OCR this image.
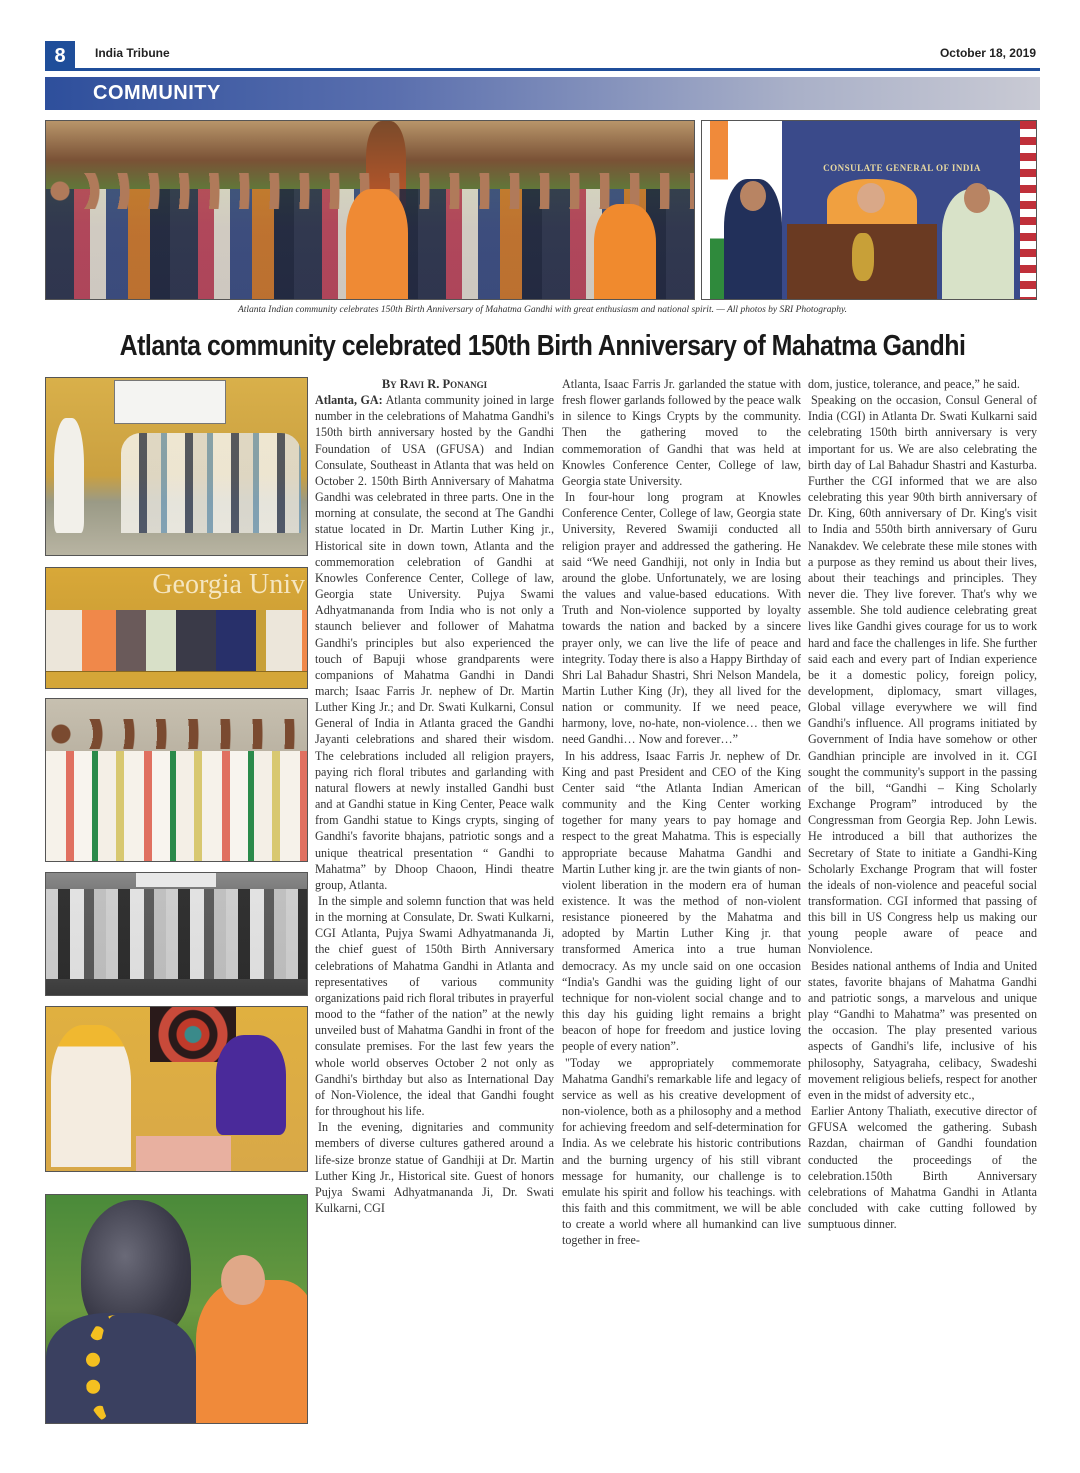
8	India Tribune	October 18, 2019
COMMUNITY
CONSULATE GENERAL OF INDIA
Atlanta Indian community celebrates 150th Birth Anniversary of Mahatma Gandhi with great enthusiasm and national spirit. — All photos by SRI Photography.
Atlanta community celebrated 150th Birth Anniversary of Mahatma Gandhi
Georgia Univ
By Ravi R. Ponangi

Atlanta, GA: Atlanta community joined in large number in the celebrations of Mahatma Gandhi's 150th birth anniversary hosted by the Gandhi Foundation of USA (GFUSA) and Indian Consulate, Southeast in Atlanta that was held on October 2. 150th Birth Anniversary of Mahatma Gandhi was celebrated in three parts. One in the morning at consulate, the second at The Gandhi statue located in Dr. Martin Luther King jr., Historical site in down town, Atlanta and the commemoration celebration of Gandhi at Knowles Conference Center, College of law, Georgia state University. Pujya Swami Adhyatmananda from India who is not only a staunch believer and follower of Mahatma Gandhi's principles but also experienced the touch of Bapuji whose grandparents were companions of Mahatma Gandhi in Dandi march; Isaac Farris Jr. nephew of Dr. Martin Luther King Jr.; and Dr. Swati Kulkarni, Consul General of India in Atlanta graced the Gandhi Jayanti celebrations and shared their wisdom. The celebrations included all religion prayers, paying rich floral tributes and garlanding with natural flowers at newly installed Gandhi bust and at Gandhi statue in King Center, Peace walk from Gandhi statue to Kings crypts, singing of Gandhi's favorite bhajans, patriotic songs and a unique theatrical presentation “ Gandhi to Mahatma” by Dhoop Chaoon, Hindi theatre group, Atlanta.

In the simple and solemn function that was held in the morning at Consulate, Dr. Swati Kulkarni, CGI Atlanta, Pujya Swami Adhyatmananda Ji, the chief guest of 150th Birth Anniversary celebrations of Mahatma Gandhi in Atlanta and representatives of various community organizations paid rich floral tributes in prayerful mood to the “father of the nation” at the newly unveiled bust of Mahatma Gandhi in front of the consulate premises. For the last few years the whole world observes October 2 not only as Gandhi's birthday but also as International Day of Non-Violence, the ideal that Gandhi fought for throughout his life.

In the evening, dignitaries and community members of diverse cultures gathered around a life-size bronze statue of Gandhiji at Dr. Martin Luther King Jr., Historical site. Guest of honors Pujya Swami Adhyatmananda Ji, Dr. Swati Kulkarni, CGI

Atlanta, Isaac Farris Jr. garlanded the statue with fresh flower garlands followed by the peace walk in silence to Kings Crypts by the community. Then the gathering moved to the commemoration of Gandhi that was held at Knowles Conference Center, College of law, Georgia state University.

In four-hour long program at Knowles Conference Center, College of law, Georgia state University, Revered Swamiji conducted all religion prayer and addressed the gathering. He said “We need Gandhiji, not only in India but around the globe. Unfortunately, we are losing the values and value-based educations. With Truth and Non-violence supported by loyalty towards the nation and backed by a sincere prayer only, we can live the life of peace and integrity. Today there is also a Happy Birthday of Shri Lal Bahadur Shastri, Shri Nelson Mandela, Martin Luther King (Jr), they all lived for the nation or community. If we need peace, harmony, love, no-hate, non-violence… then we need Gandhi… Now and forever…”

In his address, Isaac Farris Jr. nephew of Dr. King and past President and CEO of the King Center said “the Atlanta Indian American community and the King Center working together for many years to pay homage and respect to the great Mahatma. This is especially appropriate because Mahatma Gandhi and Martin Luther king jr. are the twin giants of non-violent liberation in the modern era of human existence. It was the method of non-violent resistance pioneered by the Mahatma and adopted by Martin Luther King jr. that transformed America into a true human democracy. As my uncle said on one occasion “India's Gandhi was the guiding light of our technique for non-violent social change and to this day his guiding light remains a bright beacon of hope for freedom and justice loving people of every nation”.

"Today we appropriately commemorate Mahatma Gandhi's remarkable life and legacy of service as well as his creative development of non-violence, both as a philosophy and a method for achieving freedom and self-determination for India. As we celebrate his historic contributions and the burning urgency of his still vibrant message for humanity, our challenge is to emulate his spirit and follow his teachings. with this faith and this commitment, we will be able to create a world where all humankind can live together in free-

dom, justice, tolerance, and peace,” he said.

Speaking on the occasion, Consul General of India (CGI) in Atlanta Dr. Swati Kulkarni said celebrating 150th birth anniversary is very important for us. We are also celebrating the birth day of Lal Bahadur Shastri and Kasturba. Further the CGI informed that we are also celebrating this year 90th birth anniversary of Dr. King, 60th anniversary of Dr. King's visit to India and 550th birth anniversary of Guru Nanakdev. We celebrate these mile stones with a purpose as they remind us about their lives, about their teachings and principles. They never die. They live forever. That's why we assemble. She told audience celebrating great lives like Gandhi gives courage for us to work hard and face the challenges in life. She further said each and every part of Indian experience be it a domestic policy, foreign policy, development, diplomacy, smart villages, Global village everywhere we will find Gandhi's influence. All programs initiated by Government of India have somehow or other Gandhian principle are involved in it. CGI sought the community's support in the passing of the bill, “Gandhi – King Scholarly Exchange Program” introduced by the Congressman from Georgia Rep. John Lewis. He introduced a bill that authorizes the Secretary of State to initiate a Gandhi-King Scholarly Exchange Program that will foster the ideals of non-violence and peaceful social transformation. CGI informed that passing of this bill in US Congress help us making our young people aware of peace and Nonviolence.

Besides national anthems of India and United states, favorite bhajans of Mahatma Gandhi and patriotic songs, a marvelous and unique play “Gandhi to Mahatma” was presented on the occasion. The play presented various aspects of Gandhi's life, inclusive of his philosophy, Satyagraha, celibacy, Swadeshi movement religious beliefs, respect for another even in the midst of adversity etc.,

Earlier Antony Thaliath, executive director of GFUSA welcomed the gathering. Subash Razdan, chairman of Gandhi foundation conducted the proceedings of the celebration.150th Birth Anniversary celebrations of Mahatma Gandhi in Atlanta concluded with cake cutting followed by sumptuous dinner.
